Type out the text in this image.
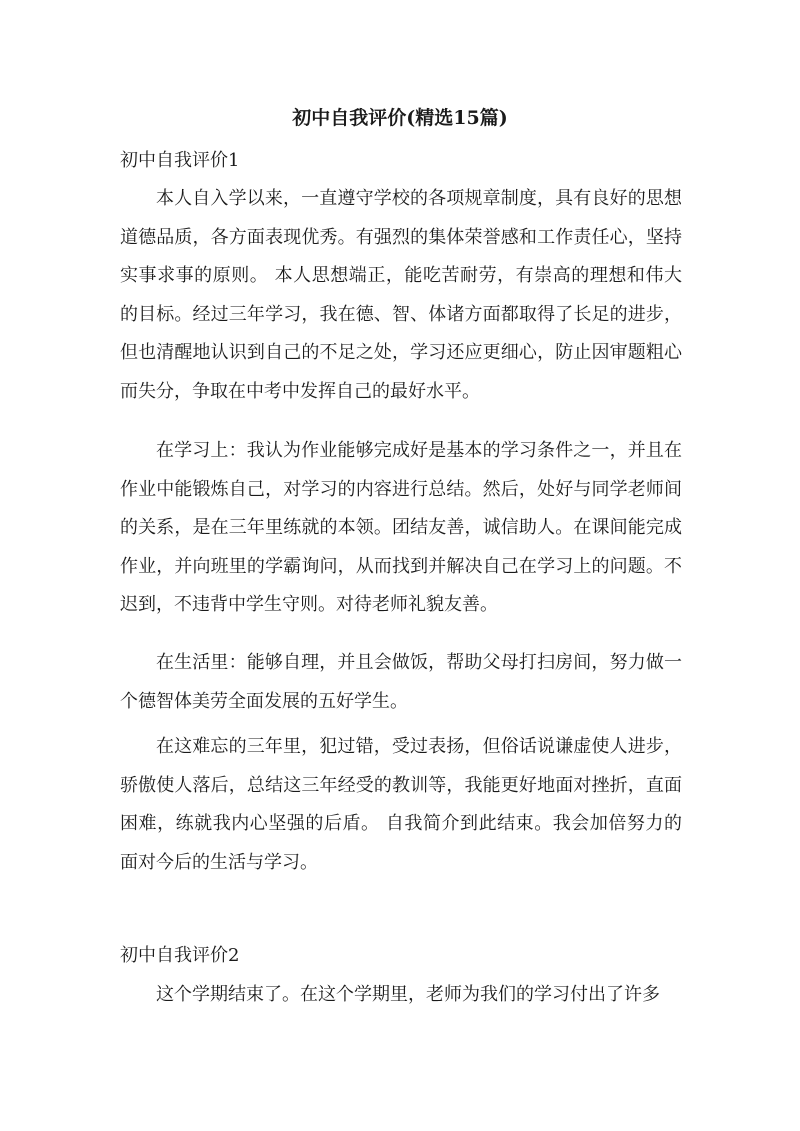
初中自我评价(精选15篇)
初中自我评价1

本人自入学以来，一直遵守学校的各项规章制度，具有良好的思想道德品质，各方面表现优秀。有强烈的集体荣誉感和工作责任心，坚持实事求事的原则。 本人思想端正，能吃苦耐劳，有崇高的理想和伟大的目标。经过三年学习，我在德、智、体诸方面都取得了长足的进步，但也清醒地认识到自己的不足之处，学习还应更细心，防止因审题粗心而失分，争取在中考中发挥自己的最好水平。

在学习上：我认为作业能够完成好是基本的学习条件之一，并且在作业中能锻炼自己，对学习的内容进行总结。然后，处好与同学老师间的关系，是在三年里练就的本领。团结友善，诚信助人。在课间能完成作业，并向班里的学霸询问，从而找到并解决自己在学习上的问题。不迟到，不违背中学生守则。对待老师礼貌友善。

在生活里：能够自理，并且会做饭，帮助父母打扫房间，努力做一个德智体美劳全面发展的五好学生。

在这难忘的三年里，犯过错，受过表扬，但俗话说谦虚使人进步，骄傲使人落后，总结这三年经受的教训等，我能更好地面对挫折，直面困难，练就我内心坚强的后盾。 自我简介到此结束。我会加倍努力的面对今后的生活与学习。

初中自我评价2

这个学期结束了。在这个学期里，老师为我们的学习付出了许多
